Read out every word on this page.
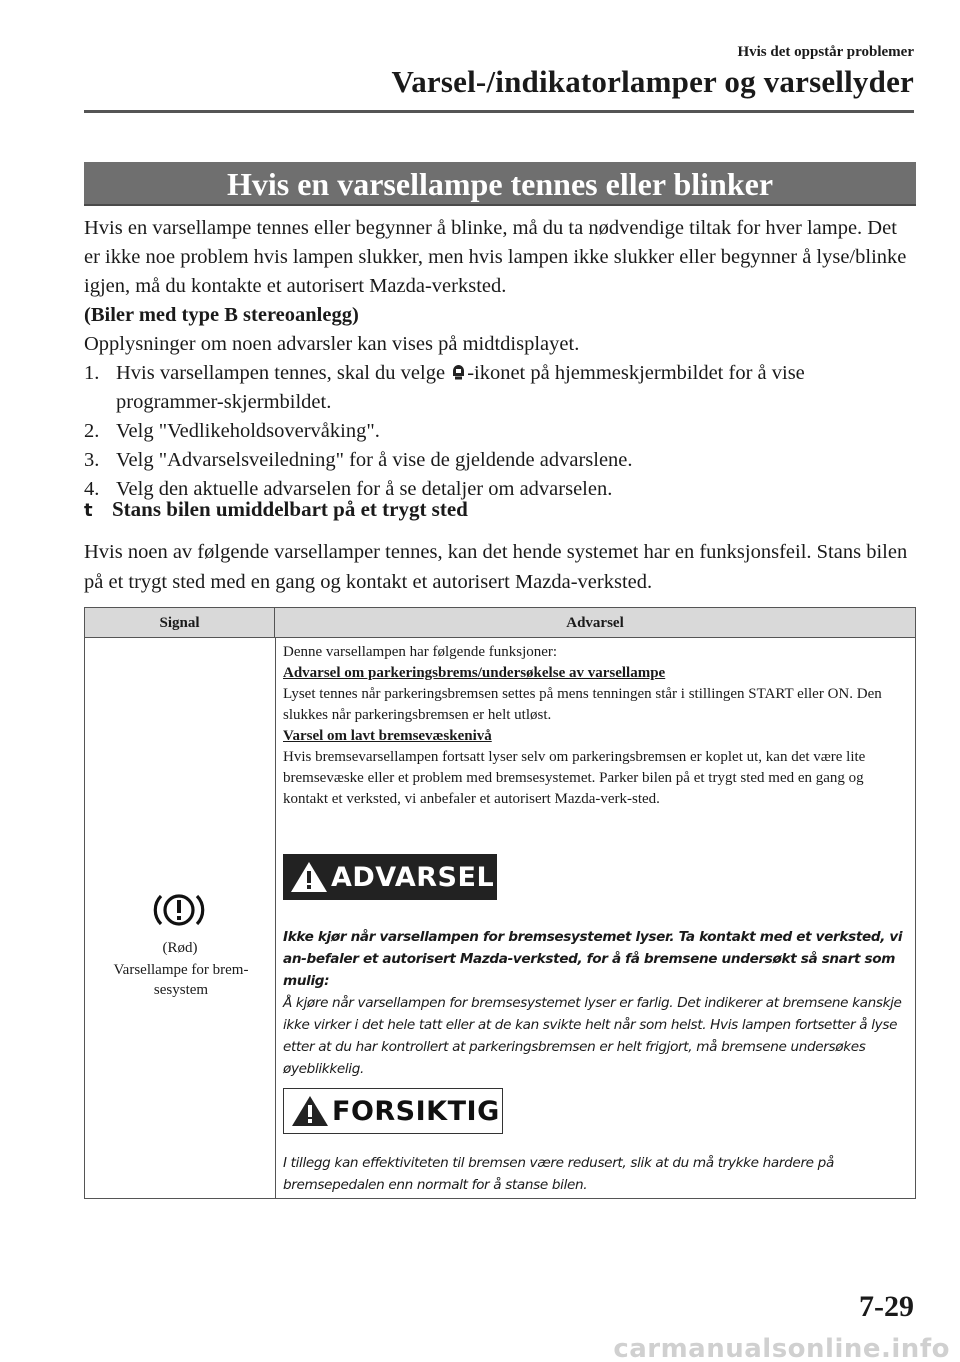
Hvis det oppstår problemer
Varsel-/indikatorlamper og varsellyder
Hvis en varsellampe tennes eller blinker

Hvis en varsellampe tennes eller begynner å blinke, må du ta nødvendige tiltak for hver lampe. Det er ikke noe problem hvis lampen slukker, men hvis lampen ikke slukker eller begynner å lyse/blinke igjen, må du kontakte et autorisert Mazda-verksted.

(Biler med type B stereoanlegg)

Opplysninger om noen advarsler kan vises på midtdisplayet.

1. Hvis varsellampen tennes, skal du velge -ikonet på hjemmeskjermbildet for å vise programmer-skjermbildet.
2. Velg "Vedlikeholdsovervåking".
3. Velg "Advarselsveiledning" for å vise de gjeldende advarslene.
4. Velg den aktuelle advarselen for å se detaljer om advarselen.
t Stans bilen umiddelbart på et trygt sted
Hvis noen av følgende varsellamper tennes, kan det hende systemet har en funksjonsfeil. Stans bilen på et trygt sted med en gang og kontakt et autorisert Mazda-verksted.
Signal	Advarsel
(Rød)
Varsellampe for brem-sesystem
Denne varsellampen har følgende funksjoner:
Advarsel om parkeringsbrems/undersøkelse av varsellampe
Lyset tennes når parkeringsbremsen settes på mens tenningen står i stillingen START eller ON. Den slukkes når parkeringsbremsen er helt utløst.
Varsel om lavt bremsevæskenivå
Hvis bremsevarsellampen fortsatt lyser selv om parkeringsbremsen er koplet ut, kan det være lite bremsevæske eller et problem med bremsesystemet. Parker bilen på et trygt sted med en gang og kontakt et verksted, vi anbefaler et autorisert Mazda-verk-sted.
ADVARSEL
Ikke kjør når varsellampen for bremsesystemet lyser. Ta kontakt med et verksted, vi an-befaler et autorisert Mazda-verksted, for å få bremsene undersøkt så snart som mulig:
Å kjøre når varsellampen for bremsesystemet lyser er farlig. Det indikerer at bremsene kanskje ikke virker i det hele tatt eller at de kan svikte helt når som helst. Hvis lampen fortsetter å lyse etter at du har kontrollert at parkeringsbremsen er helt frigjort, må bremsene undersøkes øyeblikkelig.
FORSIKTIG
I tillegg kan effektiviteten til bremsen være redusert, slik at du må trykke hardere på bremsepedalen enn normalt for å stanse bilen.
7-29
carmanualsonline.info
